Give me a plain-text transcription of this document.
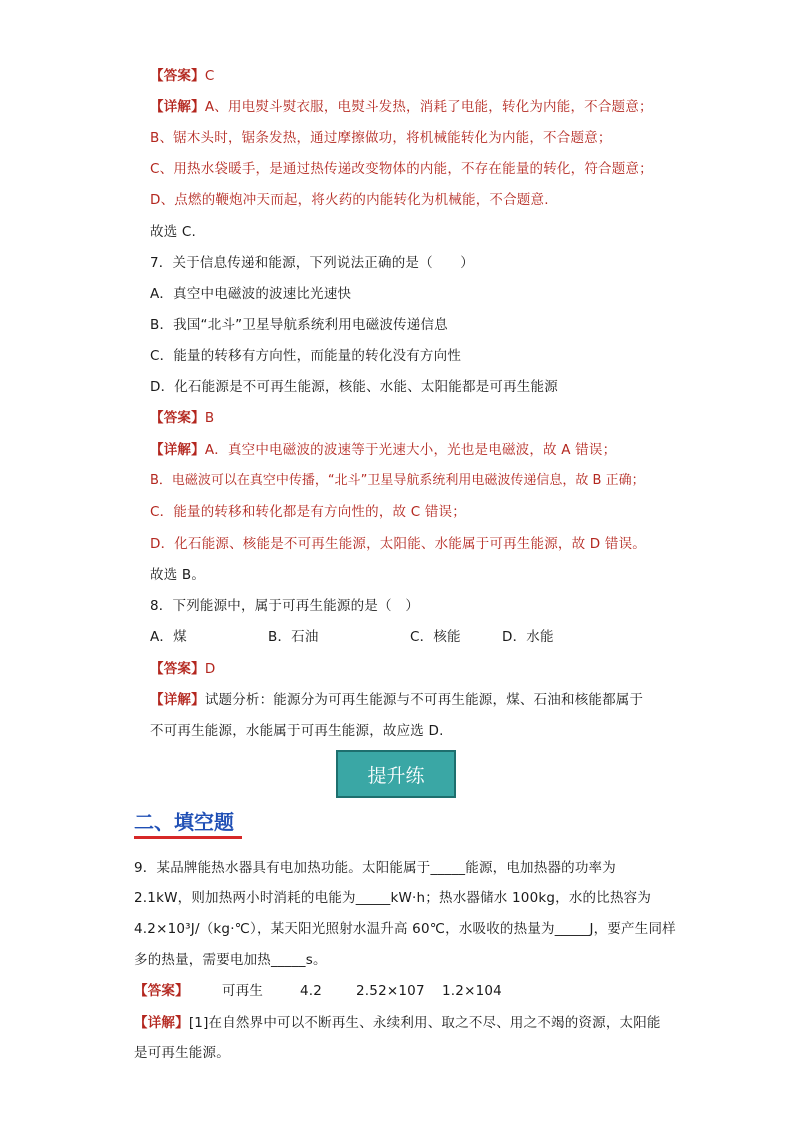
【答案】C
【详解】A、用电熨斗熨衣服，电熨斗发热，消耗了电能，转化为内能，不合题意；
B、锯木头时，锯条发热，通过摩擦做功，将机械能转化为内能，不合题意；
C、用热水袋暖手，是通过热传递改变物体的内能，不存在能量的转化，符合题意；
D、点燃的鞭炮冲天而起，将火药的内能转化为机械能，不合题意.
故选 C.
7．关于信息传递和能源，下列说法正确的是（　　）
A．真空中电磁波的波速比光速快
B．我国“北斗”卫星导航系统利用电磁波传递信息
C．能量的转移有方向性，而能量的转化没有方向性
D．化石能源是不可再生能源，核能、水能、太阳能都是可再生能源
【答案】B
【详解】A．真空中电磁波的波速等于光速大小，光也是电磁波，故 A 错误；
B．电磁波可以在真空中传播，“北斗”卫星导航系统利用电磁波传递信息，故 B 正确；
C．能量的转移和转化都是有方向性的，故 C 错误；
D．化石能源、核能是不可再生能源，太阳能、水能属于可再生能源，故 D 错误。
故选 B。
8．下列能源中，属于可再生能源的是（　）
A．煤	B．石油	C．核能	D．水能
【答案】D
【详解】试题分析：能源分为可再生能源与不可再生能源，煤、石油和核能都属于
不可再生能源，水能属于可再生能源，故应选 D.
提升练
二、填空题
9．某品牌能热水器具有电加热功能。太阳能属于_____能源，电加热器的功率为
2.1kW，则加热两小时消耗的电能为_____kW·h；热水器储水 100kg，水的比热容为
4.2×10³J/（kg·℃），某天阳光照射水温升高 60℃，水吸收的热量为_____J，要产生同样
多的热量，需要电加热_____s。
【答案】 可再生	4.2	2.52×107 1.2×104
【详解】[1]在自然界中可以不断再生、永续利用、取之不尽、用之不竭的资源，太阳能
是可再生能源。
